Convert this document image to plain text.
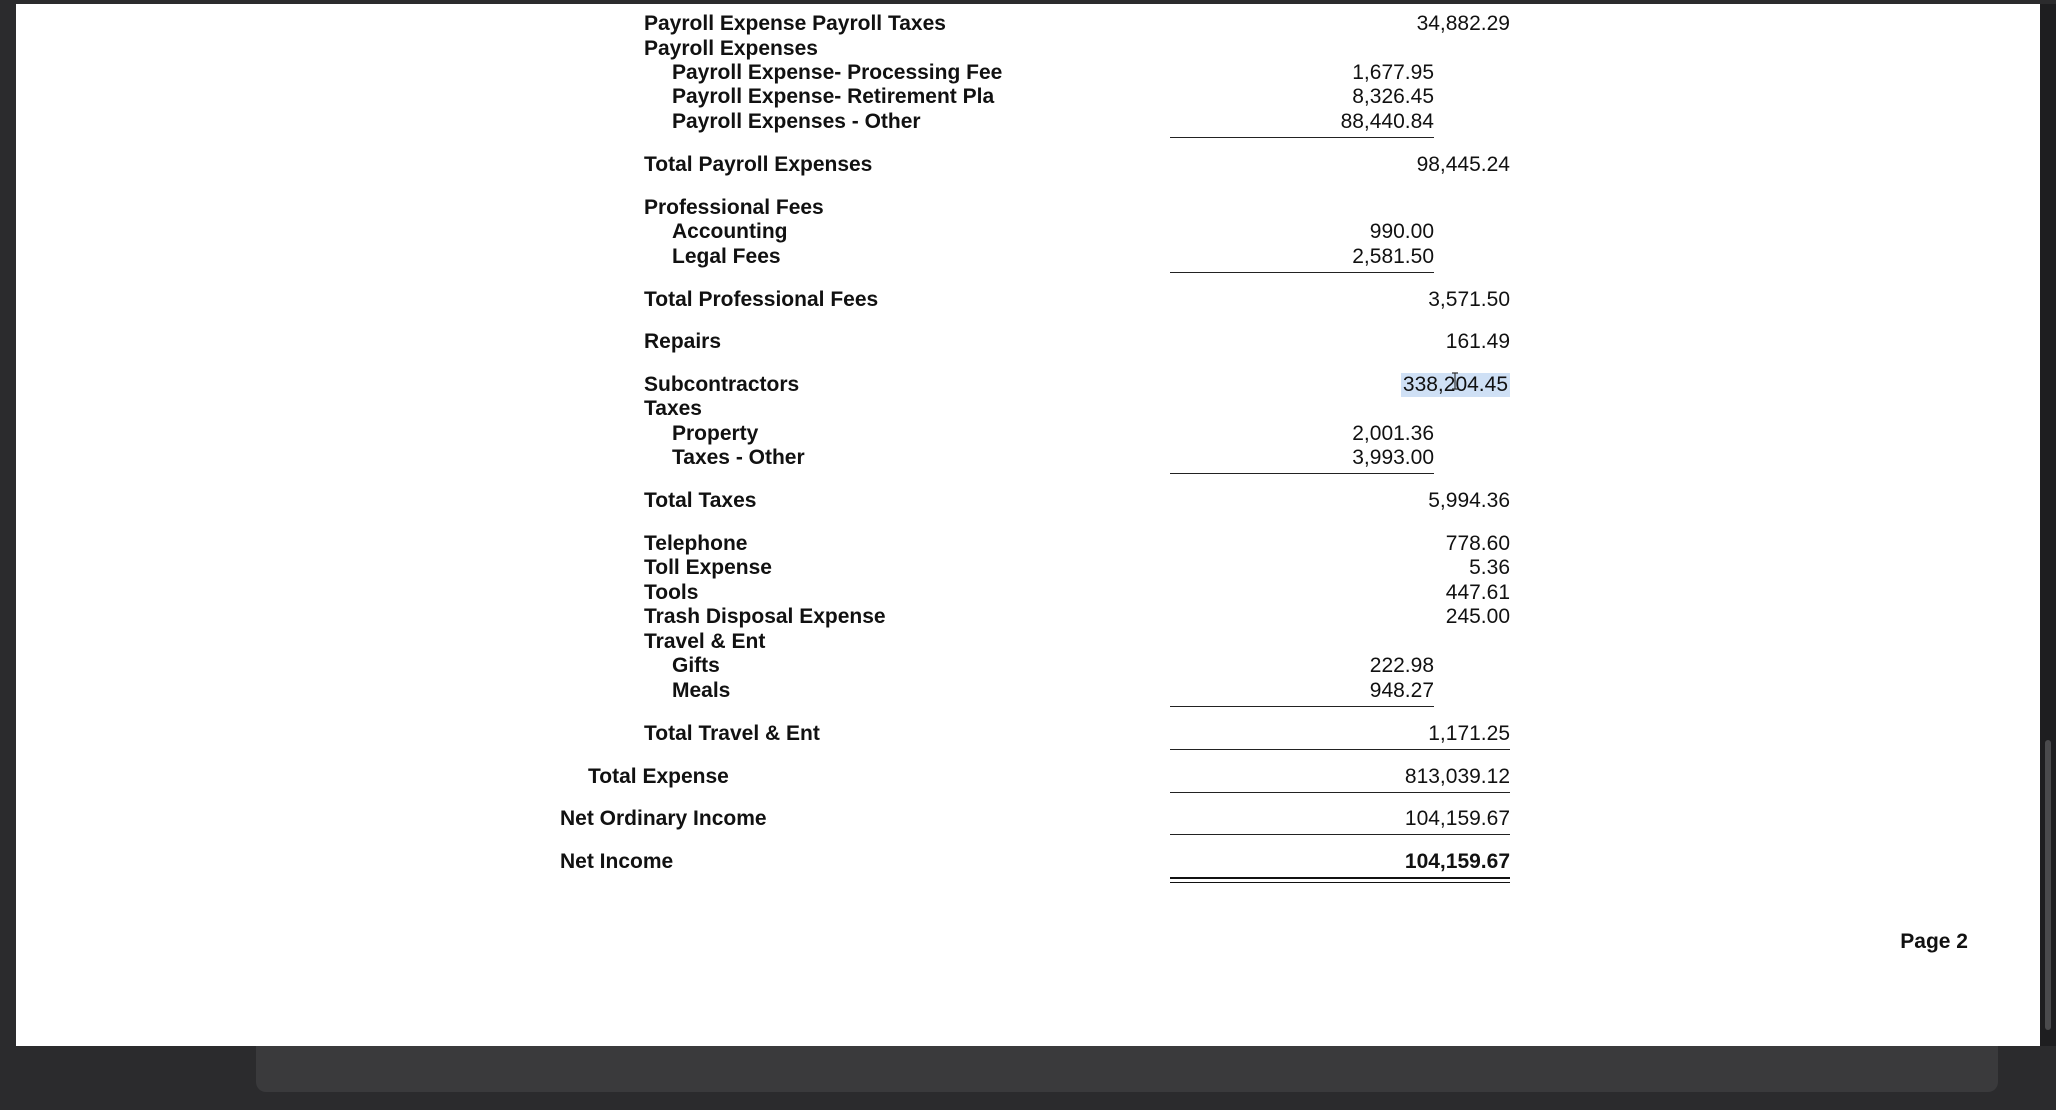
Payroll Expense Payroll Taxes	34,882.29
Payroll Expenses
Payroll Expense- Processing Fee	1,677.95
Payroll Expense- Retirement Pla	8,326.45
Payroll Expenses - Other	88,440.84
Total Payroll Expenses	98,445.24
Professional Fees
Accounting	990.00
Legal Fees	2,581.50
Total Professional Fees	3,571.50
Repairs	161.49
Subcontractors	338,204.45
Taxes
Property	2,001.36
Taxes - Other	3,993.00
Total Taxes	5,994.36
Telephone	778.60
Toll Expense	5.36
Tools	447.61
Trash Disposal Expense	245.00
Travel & Ent
Gifts	222.98
Meals	948.27
Total Travel & Ent	1,171.25
Total Expense	813,039.12
Net Ordinary Income	104,159.67
Net Income	104,159.67
Page 2
